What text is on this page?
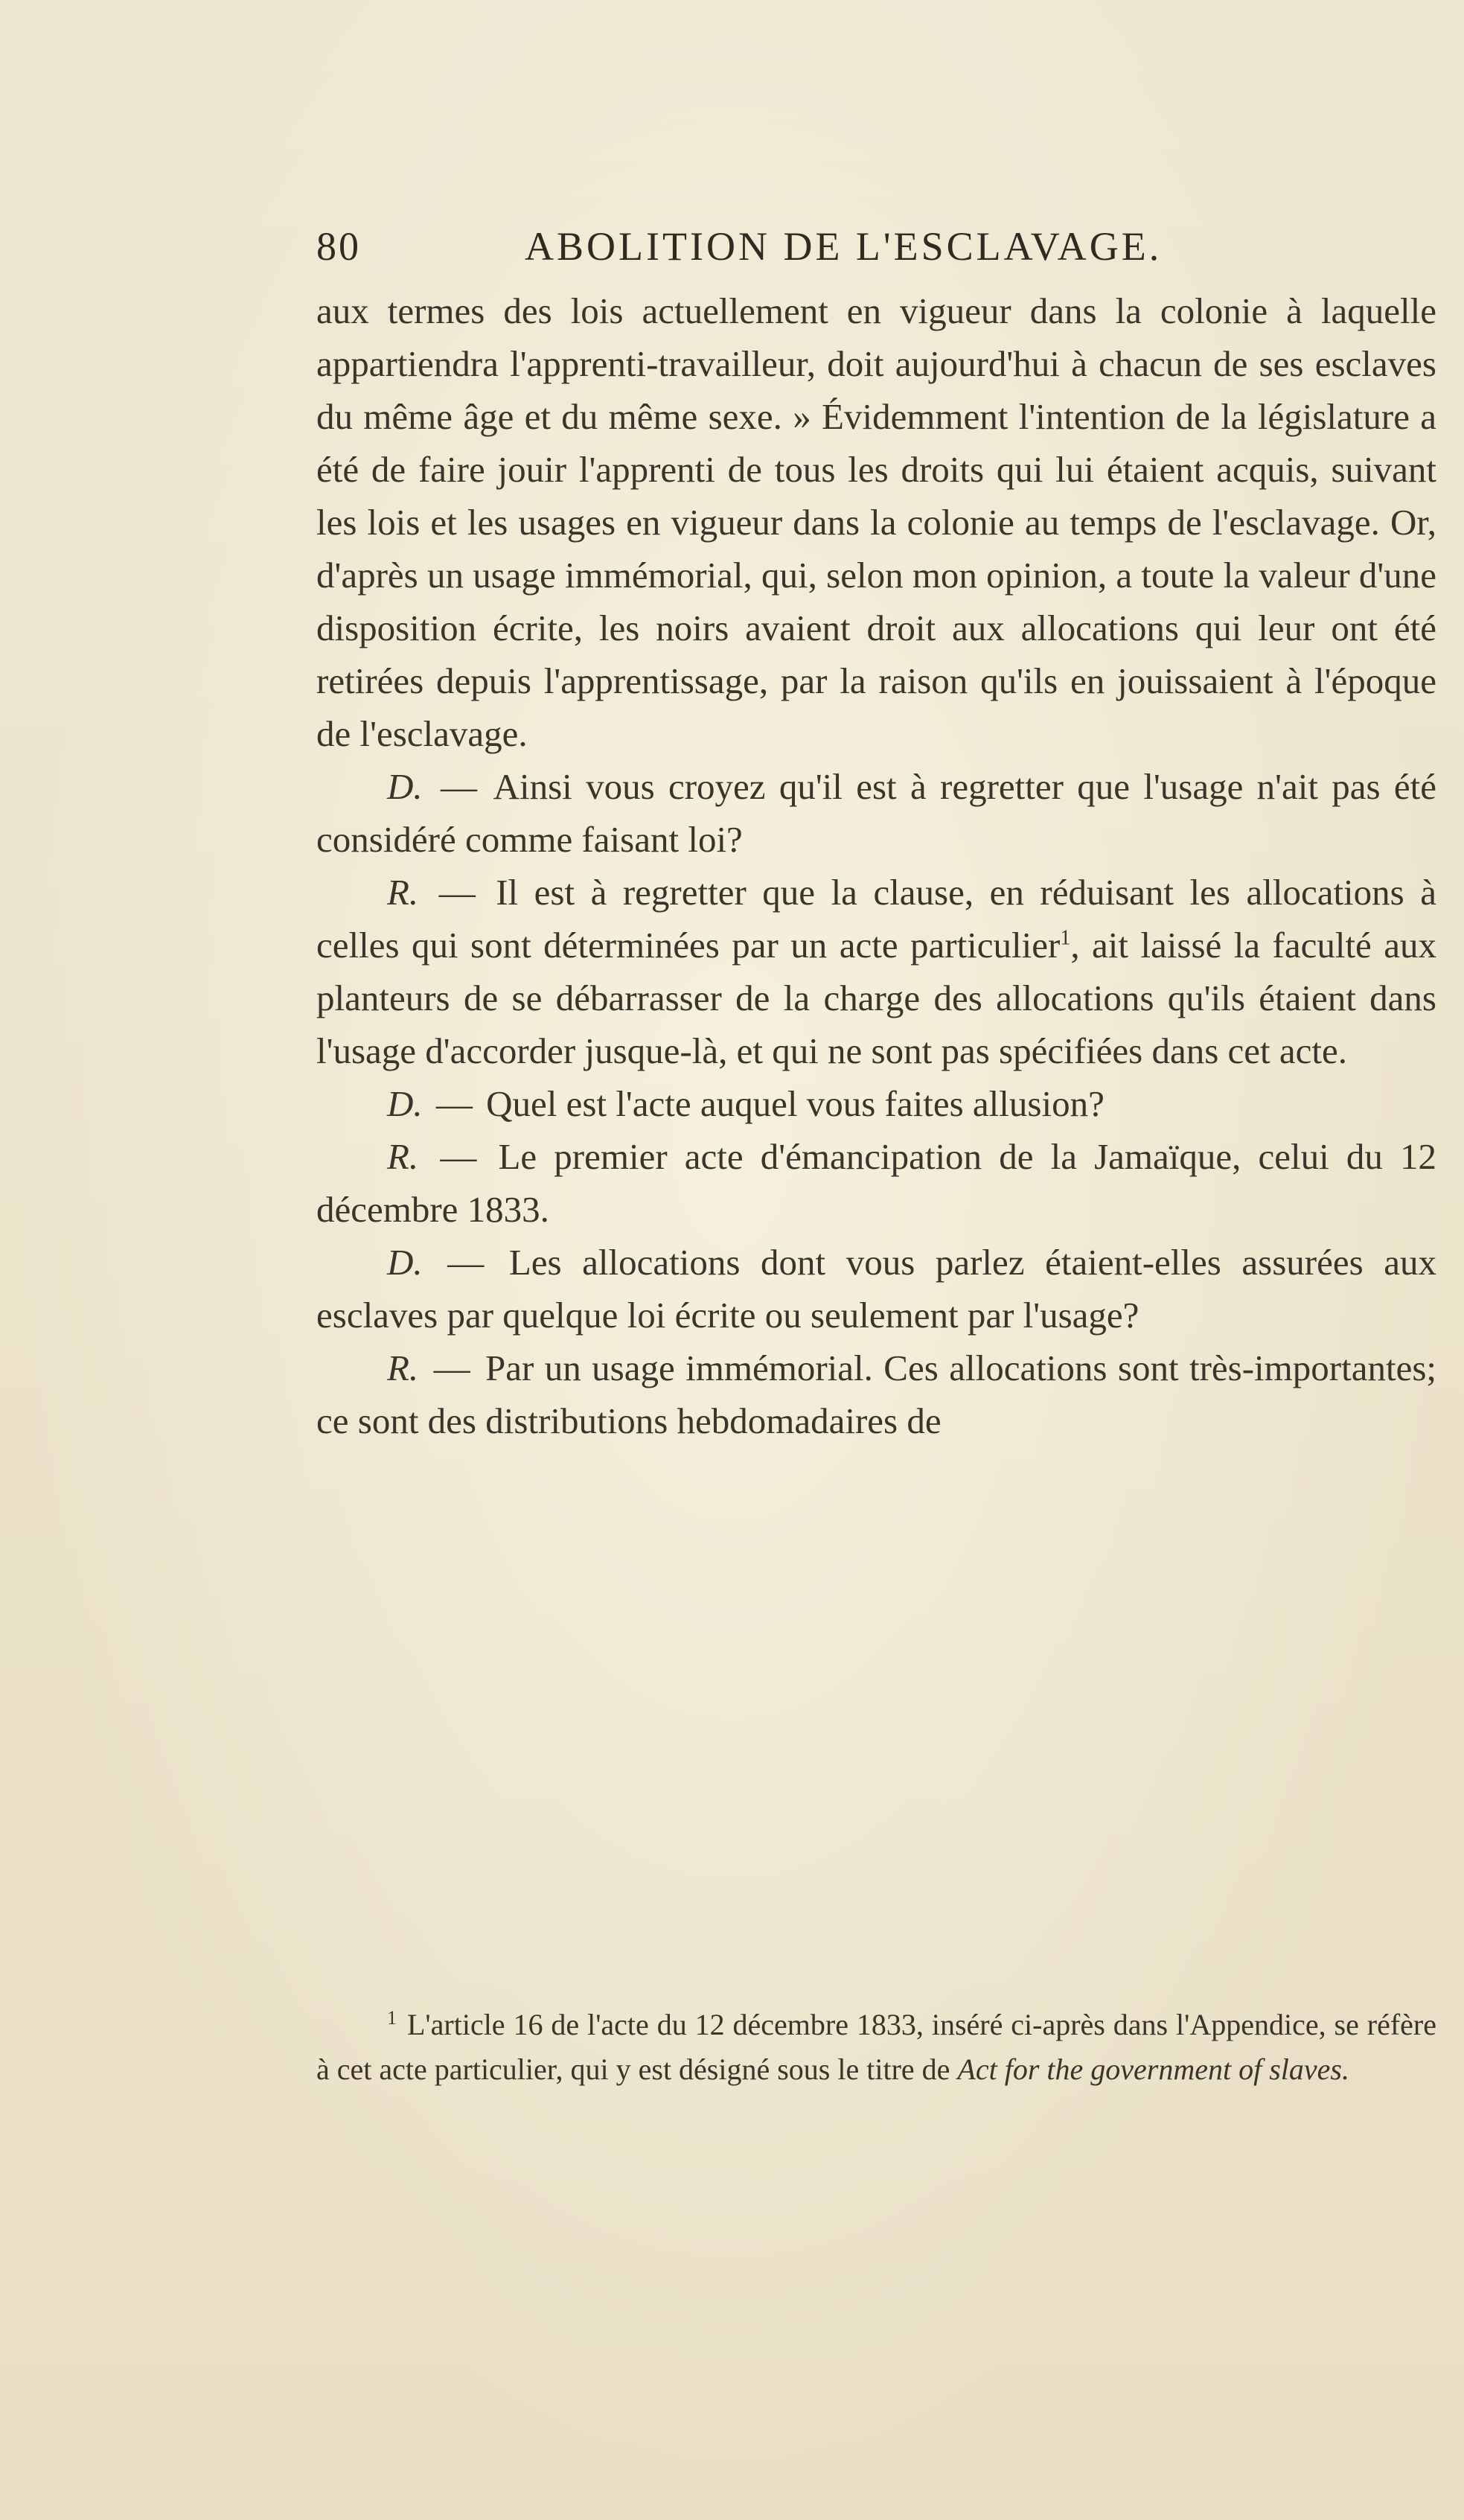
80	ABOLITION DE L'ESCLAVAGE.

aux termes des lois actuellement en vigueur dans la colonie à laquelle appartiendra l'apprenti-travailleur, doit aujourd'hui à chacun de ses esclaves du même âge et du même sexe. » Évidemment l'intention de la législature a été de faire jouir l'apprenti de tous les droits qui lui étaient acquis, suivant les lois et les usages en vigueur dans la colonie au temps de l'esclavage. Or, d'après un usage immémorial, qui, selon mon opinion, a toute la valeur d'une disposition écrite, les noirs avaient droit aux allocations qui leur ont été retirées depuis l'apprentissage, par la raison qu'ils en jouissaient à l'époque de l'esclavage.

D. — Ainsi vous croyez qu'il est à regretter que l'usage n'ait pas été considéré comme faisant loi?

R. — Il est à regretter que la clause, en réduisant les allocations à celles qui sont déterminées par un acte particulier$^1$, ait laissé la faculté aux planteurs de se débarrasser de la charge des allocations qu'ils étaient dans l'usage d'accorder jusque-là, et qui ne sont pas spécifiées dans cet acte.

D. — Quel est l'acte auquel vous faites allusion?

R. — Le premier acte d'émancipation de la Jamaïque, celui du 12 décembre 1833.

D. — Les allocations dont vous parlez étaient-elles assurées aux esclaves par quelque loi écrite ou seulement par l'usage?

R. — Par un usage immémorial. Ces allocations sont très-importantes; ce sont des distributions hebdomadaires de

$^1$ L'article 16 de l'acte du 12 décembre 1833, inséré ci-après dans l'Appendice, se réfère à cet acte particulier, qui y est désigné sous le titre de Act for the government of slaves.
